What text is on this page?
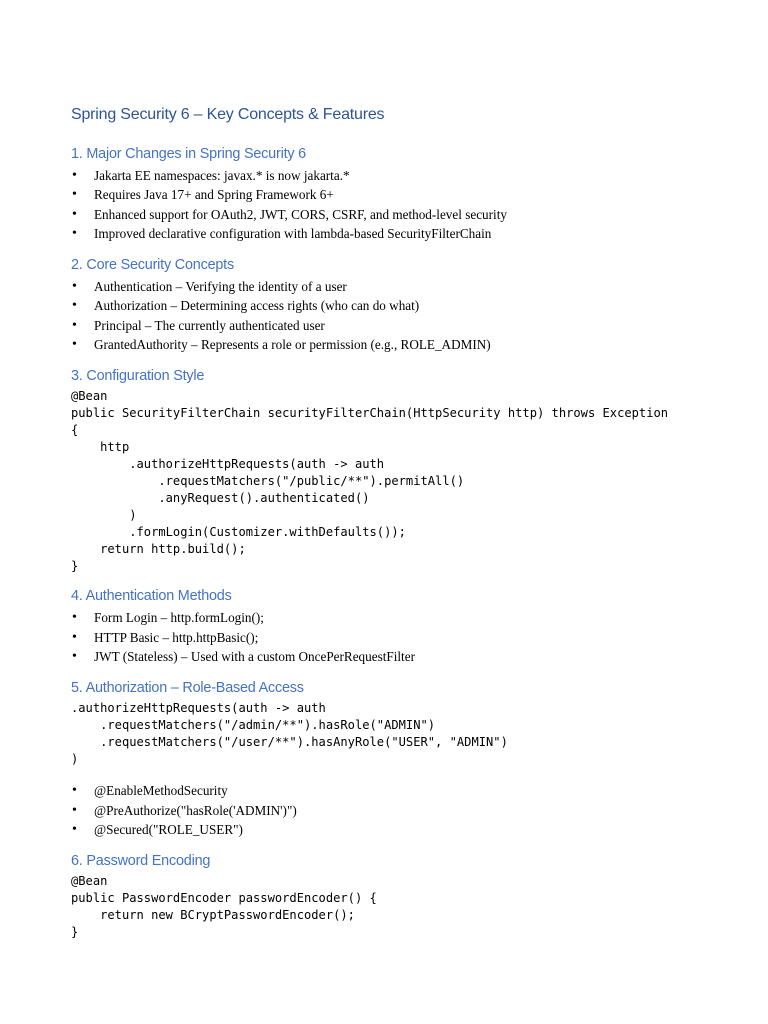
Spring Security 6 – Key Concepts & Features
1. Major Changes in Spring Security 6
• Jakarta EE namespaces: javax.* is now jakarta.*
• Requires Java 17+ and Spring Framework 6+
• Enhanced support for OAuth2, JWT, CORS, CSRF, and method-level security
• Improved declarative configuration with lambda-based SecurityFilterChain
2. Core Security Concepts
• Authentication – Verifying the identity of a user
• Authorization – Determining access rights (who can do what)
• Principal – The currently authenticated user
• GrantedAuthority – Represents a role or permission (e.g., ROLE_ADMIN)
3. Configuration Style
@Bean
public SecurityFilterChain securityFilterChain(HttpSecurity http) throws Exception
{
http
.authorizeHttpRequests(auth -> auth
.requestMatchers("/public/**").permitAll()
.anyRequest().authenticated()
)
.formLogin(Customizer.withDefaults());
return http.build();
}
4. Authentication Methods
• Form Login – http.formLogin();
• HTTP Basic – http.httpBasic();
• JWT (Stateless) – Used with a custom OncePerRequestFilter
5. Authorization – Role-Based Access
.authorizeHttpRequests(auth -> auth
.requestMatchers("/admin/**").hasRole("ADMIN")
.requestMatchers("/user/**").hasAnyRole("USER", "ADMIN")
)
• @EnableMethodSecurity
• @PreAuthorize("hasRole('ADMIN')")
• @Secured("ROLE_USER")
6. Password Encoding
@Bean
public PasswordEncoder passwordEncoder() {
return new BCryptPasswordEncoder();
}
